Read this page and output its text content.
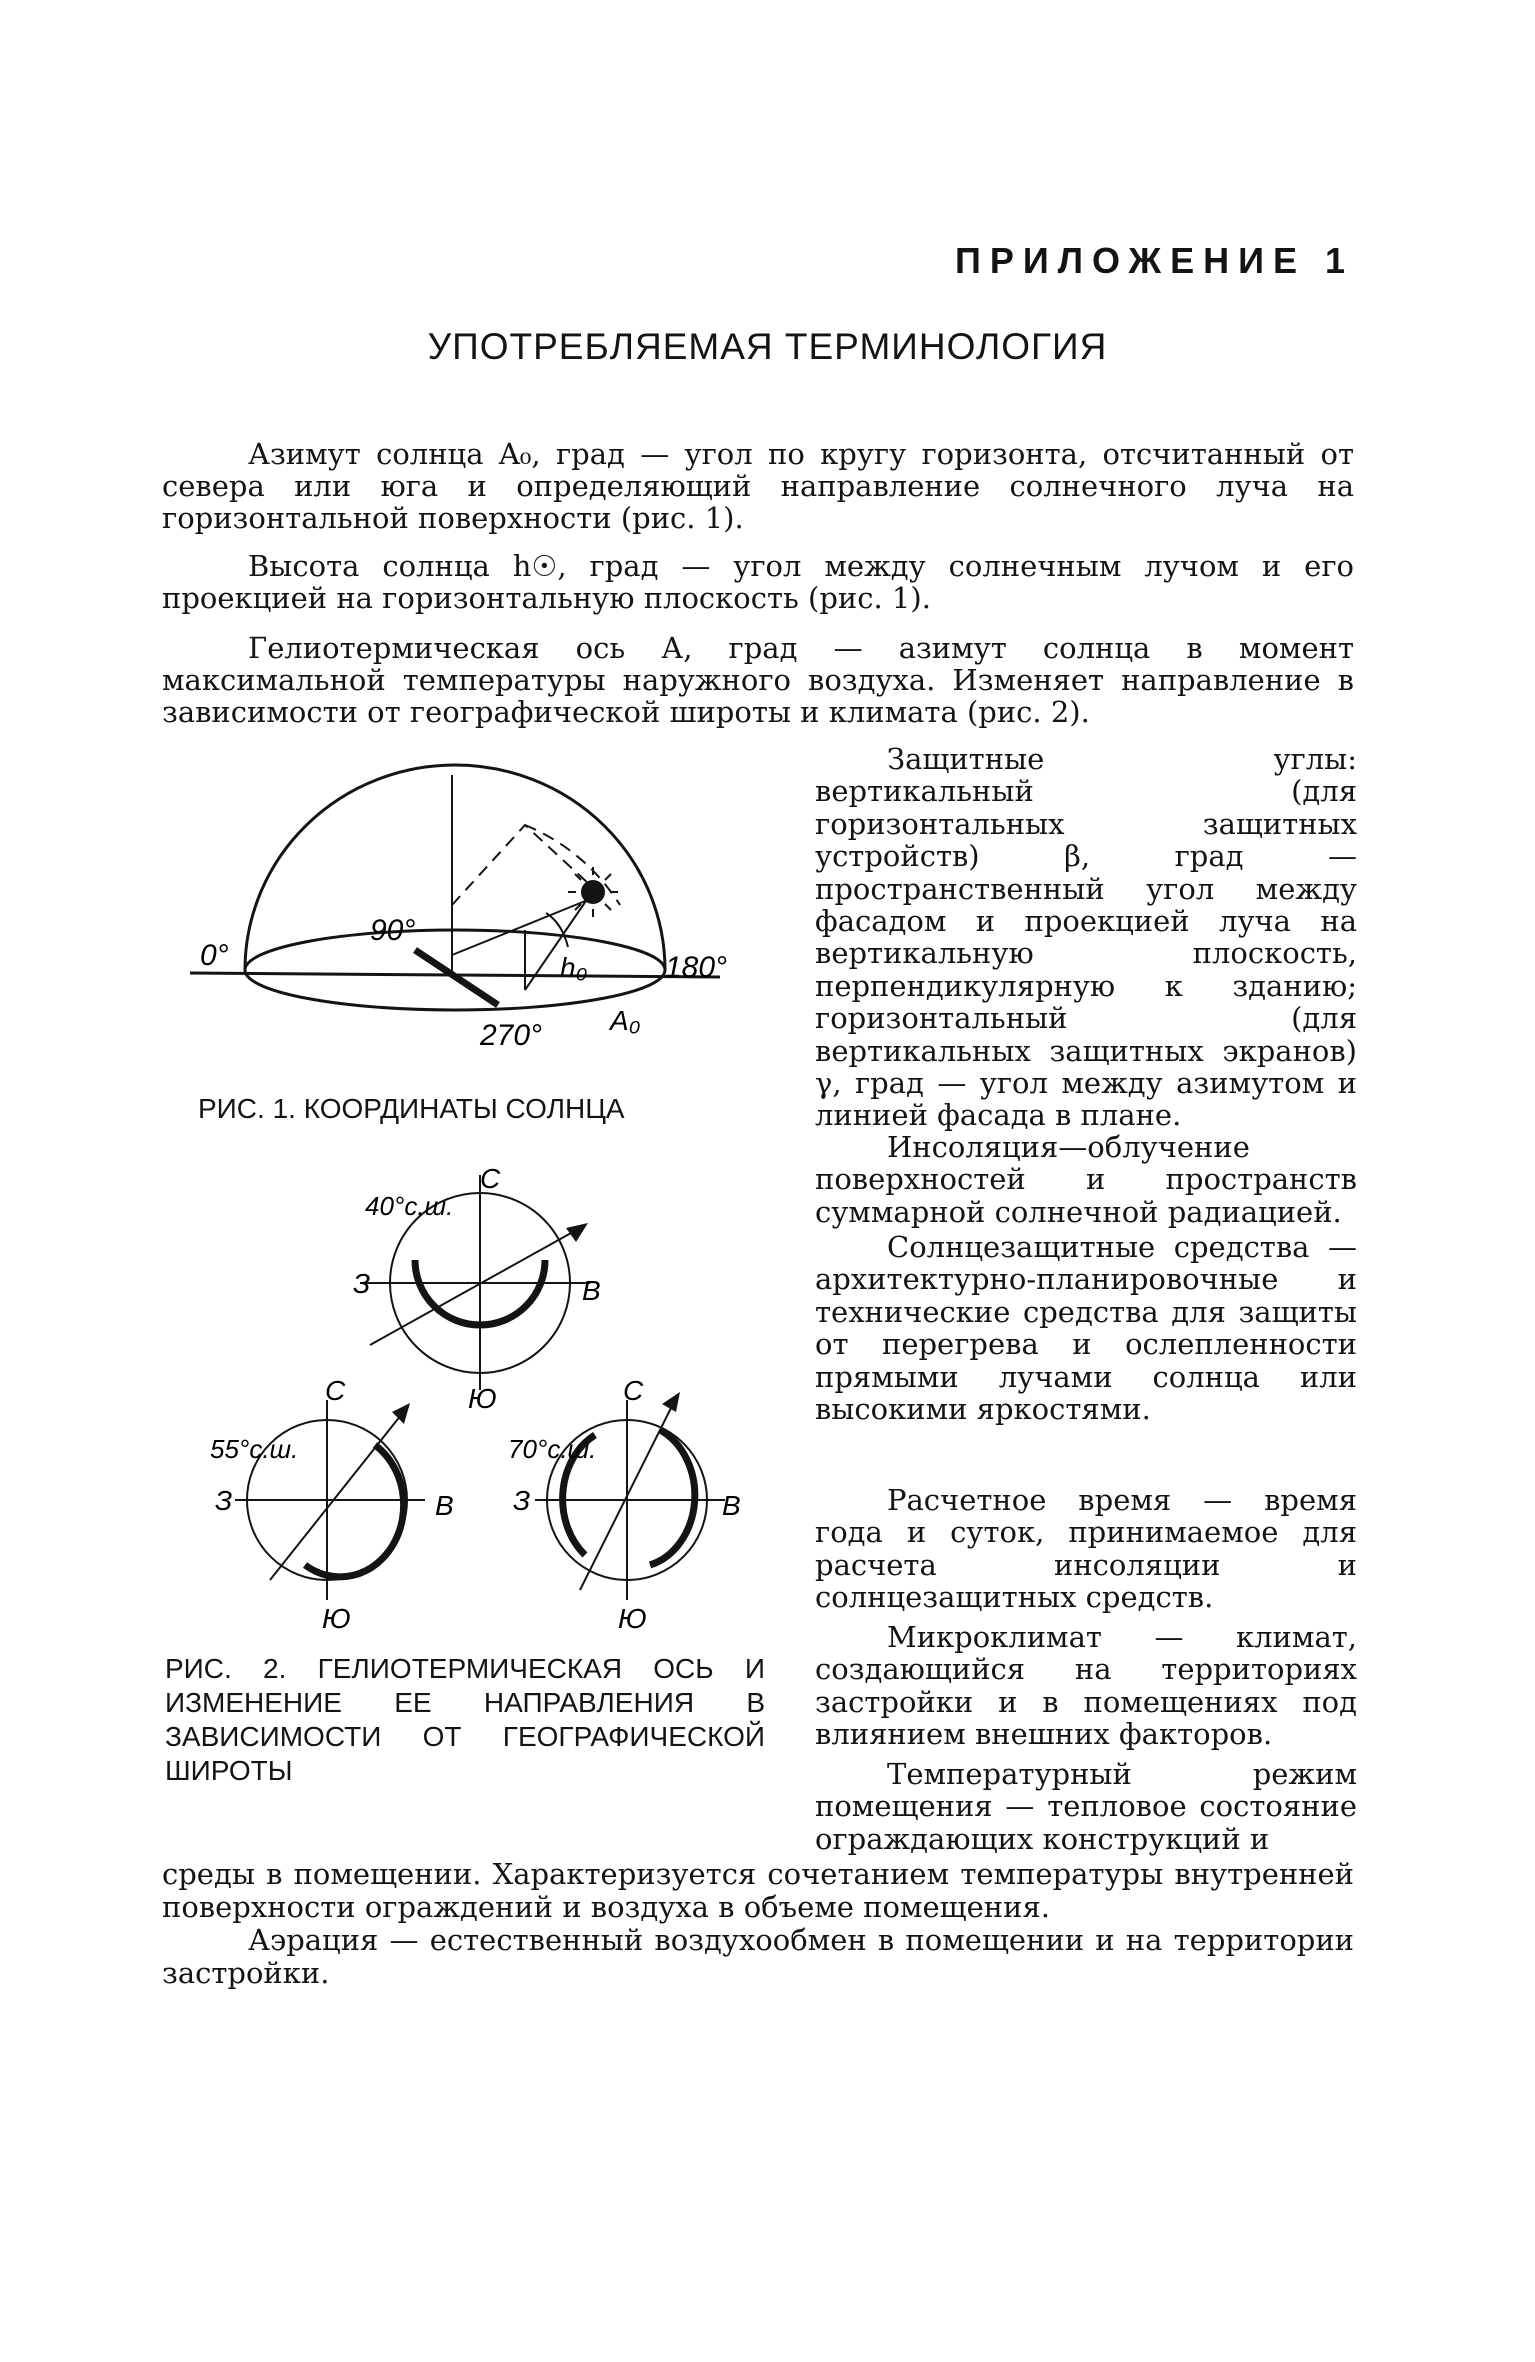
ПРИЛОЖЕНИЕ 1
УПОТРЕБЛЯЕМАЯ ТЕРМИНОЛОГИЯ

Азимут солнца A₀, град — угол по кругу горизонта, отсчитанный от севера или юга и определяющий направление солнечного луча на горизонтальной поверхности (рис. 1).

Высота солнца h☉, град — угол между солнечным лучом и его проекцией на горизонтальную плоскость (рис. 1).

Гелиотермическая ось А, град — азимут солнца в момент максимальной температуры наружного воздуха. Изменяет направление в зависимости от географической широты и климата (рис. 2).

0°
90°
180°
270°
h₀
A₀

РИС. 1. КООРДИНАТЫ СОЛНЦА

С
40°с.ш.
З	В
Ю
С
55°с.ш.
З	В
Ю
С
70°с.ш.
З	В
Ю

РИС. 2. ГЕЛИОТЕРМИЧЕСКАЯ ОСЬ И ИЗМЕНЕНИЕ ЕЕ НАПРАВЛЕНИЯ В ЗАВИСИМОСТИ ОТ ГЕОГРАФИЧЕСКОЙ ШИРОТЫ

Защитные углы: вертикальный (для горизонтальных защитных устройств) β, град — пространственный угол между фасадом и проекцией луча на вертикальную плоскость, перпендикулярную к зданию; горизонтальный (для вертикальных защитных экранов) γ, град — угол между азимутом и линией фасада в плане.

Инсоляция—облучение поверхностей и пространств суммарной солнечной радиацией.

Солнцезащитные средства — архитектурно-планировочные и технические средства для защиты от перегрева и ослепленности прямыми лучами солнца или высокими яркостями.

Расчетное время — время года и суток, принимаемое для расчета инсоляции и солнцезащитных средств.

Микроклимат — климат, создающийся на территориях застройки и в помещениях под влиянием внешних факторов.

Температурный режим помещения — тепловое состояние ограждающих конструкций и

среды в помещении. Характеризуется сочетанием температуры внутренней поверхности ограждений и воздуха в объеме помещения.

Аэрация — естественный воздухообмен в помещении и на территории застройки.
